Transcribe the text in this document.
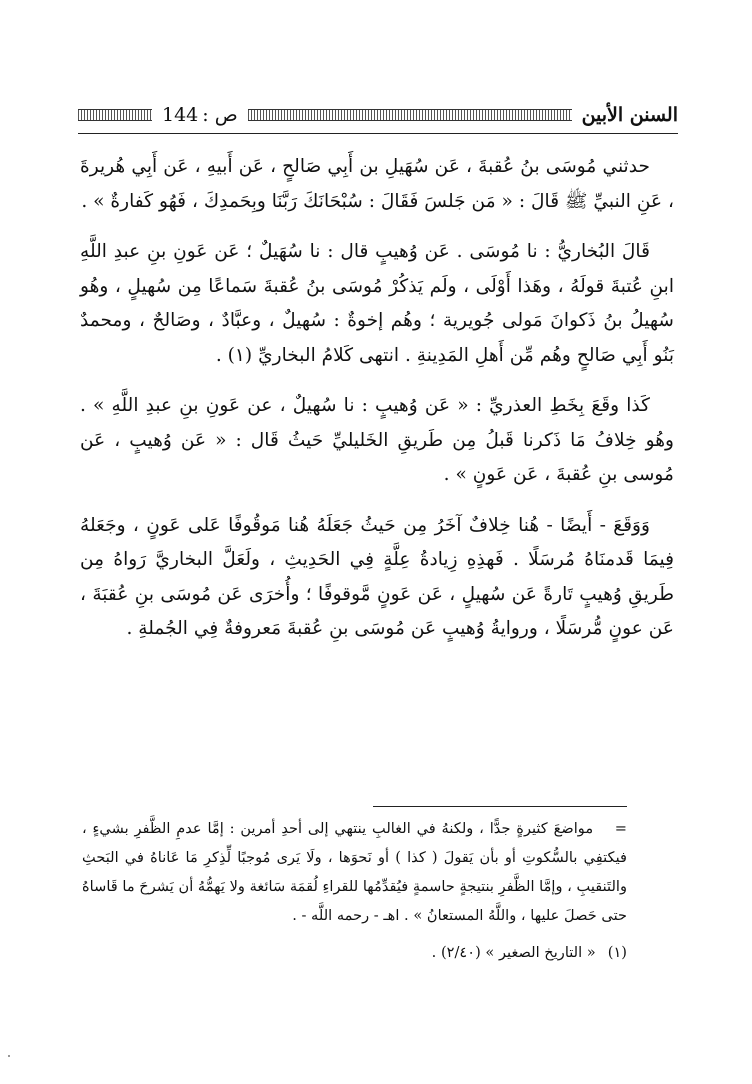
السنن الأبين
ص :144

حدثني مُوسَى بنُ عُقبةَ ، عَن سُهَيلِ بن أَبِي صَالحٍ ، عَن أَبيهِ ، عَن أَبِي هُريرةَ ، عَنِ النبيِّ ﷺ قَالَ : « مَن جَلسَ فَقَالَ : سُبْحَانَكَ رَبَّنَا وبِحَمدِكَ ، فَهُو كَفارةٌ » .

قَالَ البُخاريُّ : نا مُوسَى . عَن وُهيبٍ قال : نا سُهَيلٌ ؛ عَن عَونِ بنِ عبدِ اللَّهِ ابنِ عُتبةَ قولَهُ ، وهَذا أَوْلَى ، ولَم يَذكُرْ مُوسَى بنُ عُقبةَ سَماعًا مِن سُهيلٍ ، وهُو سُهيلُ بنُ ذَكوانَ مَولى جُويرية ؛ وهُم إخوةٌ : سُهيلٌ ، وعبَّادٌ ، وصَالحٌ ، ومحمدٌ بَنُو أَبِي صَالحٍ وهُم مِّن أَهلِ المَدِينةِ . انتهى كَلامُ البخاريِّ (١) .

كَذا وقَعَ بِخَطِ العذريِّ : « عَن وُهيبٍ : نا سُهيلٌ ، عن عَونِ بنِ عبدِ اللَّهِ » . وهُو خِلافُ مَا ذَكرنا قَبلُ مِن طَريقِ الخَليليِّ حَيثُ قَال : « عَن وُهيبٍ ، عَن مُوسى بنِ عُقبةَ ، عَن عَونٍ » .

وَوَقَعَ - أَيضًا - هُنا خِلافٌ آخَرُ مِن حَيثُ جَعَلَهُ هُنا مَوقُوفًا عَلى عَونٍ ، وجَعَلهُ فِيمَا قَدمنَاهُ مُرسَلًا . فَهذِهِ زِيادةُ عِلَّةٍ فِي الحَدِيثِ ، ولَعَلَّ البخاريَّ رَواهُ مِن طَريقِ وُهيبٍ تَارةً عَن سُهيلٍ ، عَن عَونٍ مَّوقوفًا ؛ وأُخرَى عَن مُوسَى بنِ عُقبَةَ ، عَن عونٍ مُّرسَلًا ، وروايةُ وُهيبٍ عَن مُوسَى بنِ عُقبةَ مَعروفةٌ فِي الجُملةِ .

= مواضعَ كثيرةٍ جدًّا ، ولكنهُ في الغالبِ ينتهي إلى أحدِ أمرين : إمَّا عدمِ الظَّفرِ بشيءٍ ، فيكتفِي بالسُّكوتِ أو بأن يَقولَ ( كذا ) أو نَحوَها ، ولَا يَرى مُوجبًا لِّذِكرِ مَا عَاناهُ في البَحثِ والتَنقيبِ ، وإمَّا الظَّفرِ بنتيجةٍ حاسمةٍ فيُقدِّمُها للقراءِ لُقمَة سَائغة ولا يَهمُّهُ أن يَشرحَ ما قَاساهُ حتى حَصلَ عليها ، واللَّهُ المستعانُ » . اهـ - رحمه اللَّه - .

(١)« التاريخ الصغير » (٢/٤٠) .
